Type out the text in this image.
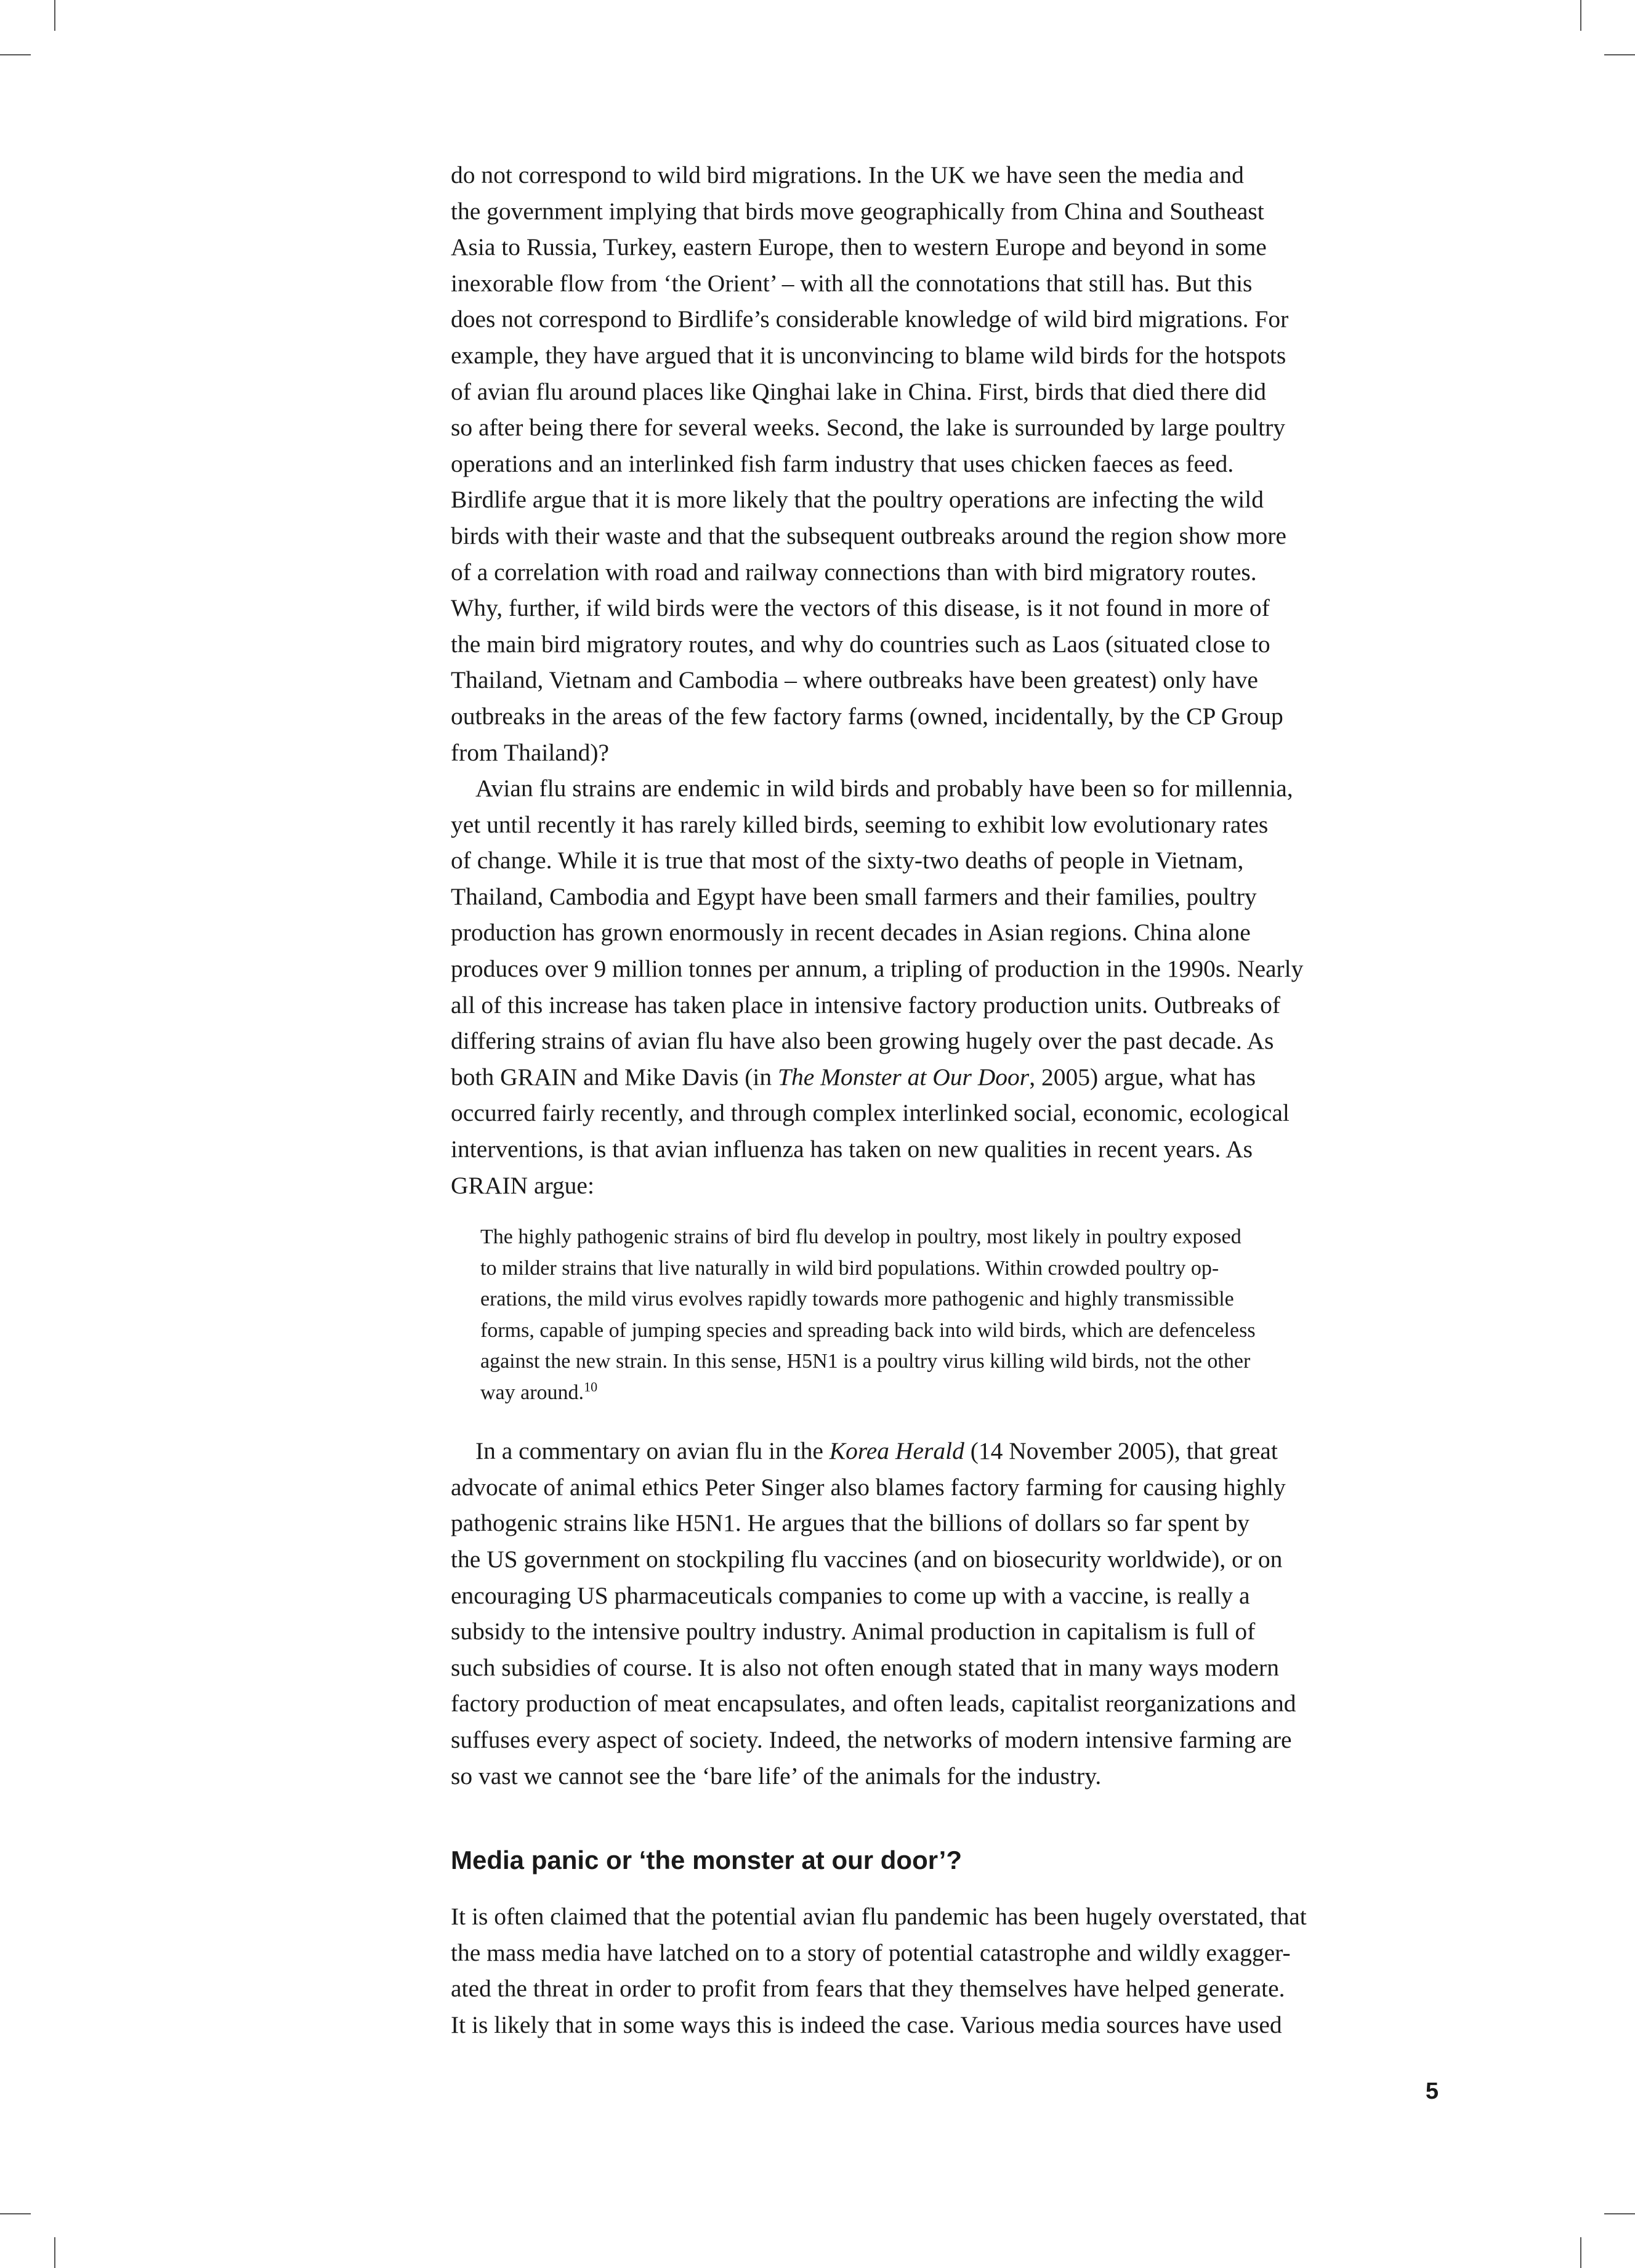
do not correspond to wild bird migrations. In the UK we have seen the media and
the government implying that birds move geographically from China and Southeast
Asia to Russia, Turkey, eastern Europe, then to western Europe and beyond in some
inexorable flow from ‘the Orient’ – with all the connotations that still has. But this
does not correspond to Birdlife’s considerable knowledge of wild bird migrations. For
example, they have argued that it is unconvincing to blame wild birds for the hotspots
of avian flu around places like Qinghai lake in China. First, birds that died there did
so after being there for several weeks. Second, the lake is surrounded by large poultry
operations and an interlinked fish farm industry that uses chicken faeces as feed.
Birdlife argue that it is more likely that the poultry operations are infecting the wild
birds with their waste and that the subsequent outbreaks around the region show more
of a correlation with road and railway connections than with bird migratory routes.
Why, further, if wild birds were the vectors of this disease, is it not found in more of
the main bird migratory routes, and why do countries such as Laos (situated close to
Thailand, Vietnam and Cambodia – where outbreaks have been greatest) only have
outbreaks in the areas of the few factory farms (owned, incidentally, by the CP Group
from Thailand)?

Avian flu strains are endemic in wild birds and probably have been so for millennia,
yet until recently it has rarely killed birds, seeming to exhibit low evolutionary rates
of change. While it is true that most of the sixty-two deaths of people in Vietnam,
Thailand, Cambodia and Egypt have been small farmers and their families, poultry
production has grown enormously in recent decades in Asian regions. China alone
produces over 9 million tonnes per annum, a tripling of production in the 1990s. Nearly
all of this increase has taken place in intensive factory production units. Outbreaks of
differing strains of avian flu have also been growing hugely over the past decade. As
both GRAIN and Mike Davis (in The Monster at Our Door, 2005) argue, what has
occurred fairly recently, and through complex interlinked social, economic, ecological
interventions, is that avian influenza has taken on new qualities in recent years. As
GRAIN argue:

The highly pathogenic strains of bird flu develop in poultry, most likely in poultry exposed
to milder strains that live naturally in wild bird populations. Within crowded poultry op-
erations, the mild virus evolves rapidly towards more pathogenic and highly transmissible
forms, capable of jumping species and spreading back into wild birds, which are defenceless
against the new strain. In this sense, H5N1 is a poultry virus killing wild birds, not the other
way around.$^{10}$

In a commentary on avian flu in the Korea Herald (14 November 2005), that great
advocate of animal ethics Peter Singer also blames factory farming for causing highly
pathogenic strains like H5N1. He argues that the billions of dollars so far spent by
the US government on stockpiling flu vaccines (and on biosecurity worldwide), or on
encouraging US pharmaceuticals companies to come up with a vaccine, is really a
subsidy to the intensive poultry industry. Animal production in capitalism is full of
such subsidies of course. It is also not often enough stated that in many ways modern
factory production of meat encapsulates, and often leads, capitalist reorganizations and
suffuses every aspect of society. Indeed, the networks of modern intensive farming are
so vast we cannot see the ‘bare life’ of the animals for the industry.

Media panic or ‘the monster at our door’?

It is often claimed that the potential avian flu pandemic has been hugely overstated, that
the mass media have latched on to a story of potential catastrophe and wildly exagger-
ated the threat in order to profit from fears that they themselves have helped generate.
It is likely that in some ways this is indeed the case. Various media sources have used

5
